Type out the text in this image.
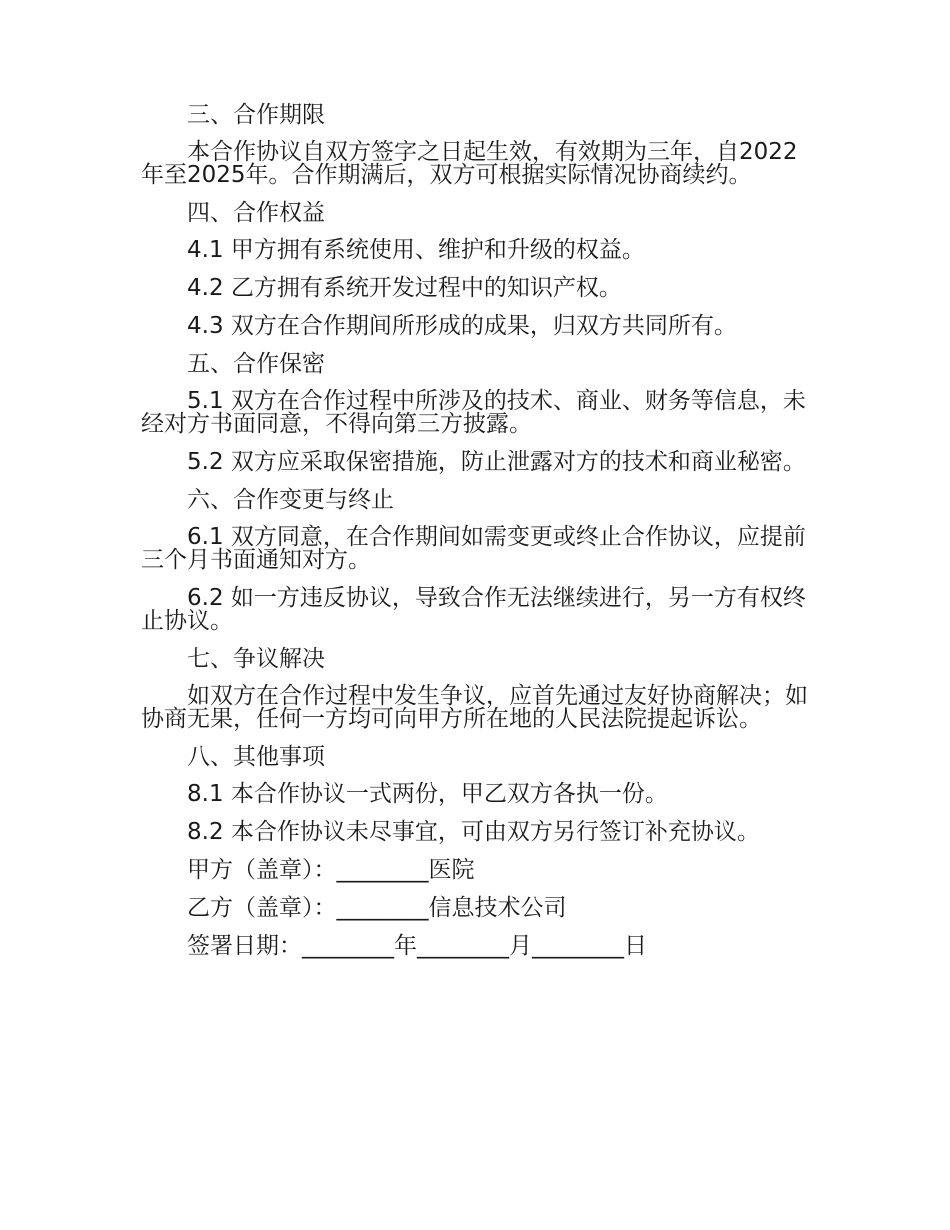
三、合作期限

本合作协议自双方签字之日起生效，有效期为三年，自2022年至2025年。合作期满后，双方可根据实际情况协商续约。

四、合作权益

4.1 甲方拥有系统使用、维护和升级的权益。

4.2 乙方拥有系统开发过程中的知识产权。

4.3 双方在合作期间所形成的成果，归双方共同所有。

五、合作保密

5.1 双方在合作过程中所涉及的技术、商业、财务等信息，未经对方书面同意，不得向第三方披露。

5.2 双方应采取保密措施，防止泄露对方的技术和商业秘密。

六、合作变更与终止

6.1 双方同意，在合作期间如需变更或终止合作协议，应提前三个月书面通知对方。

6.2 如一方违反协议，导致合作无法继续进行，另一方有权终止协议。

七、争议解决

如双方在合作过程中发生争议，应首先通过友好协商解决；如协商无果，任何一方均可向甲方所在地的人民法院提起诉讼。

八、其他事项

8.1 本合作协议一式两份，甲乙双方各执一份。

8.2 本合作协议未尽事宜，可由双方另行签订补充协议。

甲方（盖章）：________医院

乙方（盖章）：________信息技术公司

签署日期：________年________月________日
